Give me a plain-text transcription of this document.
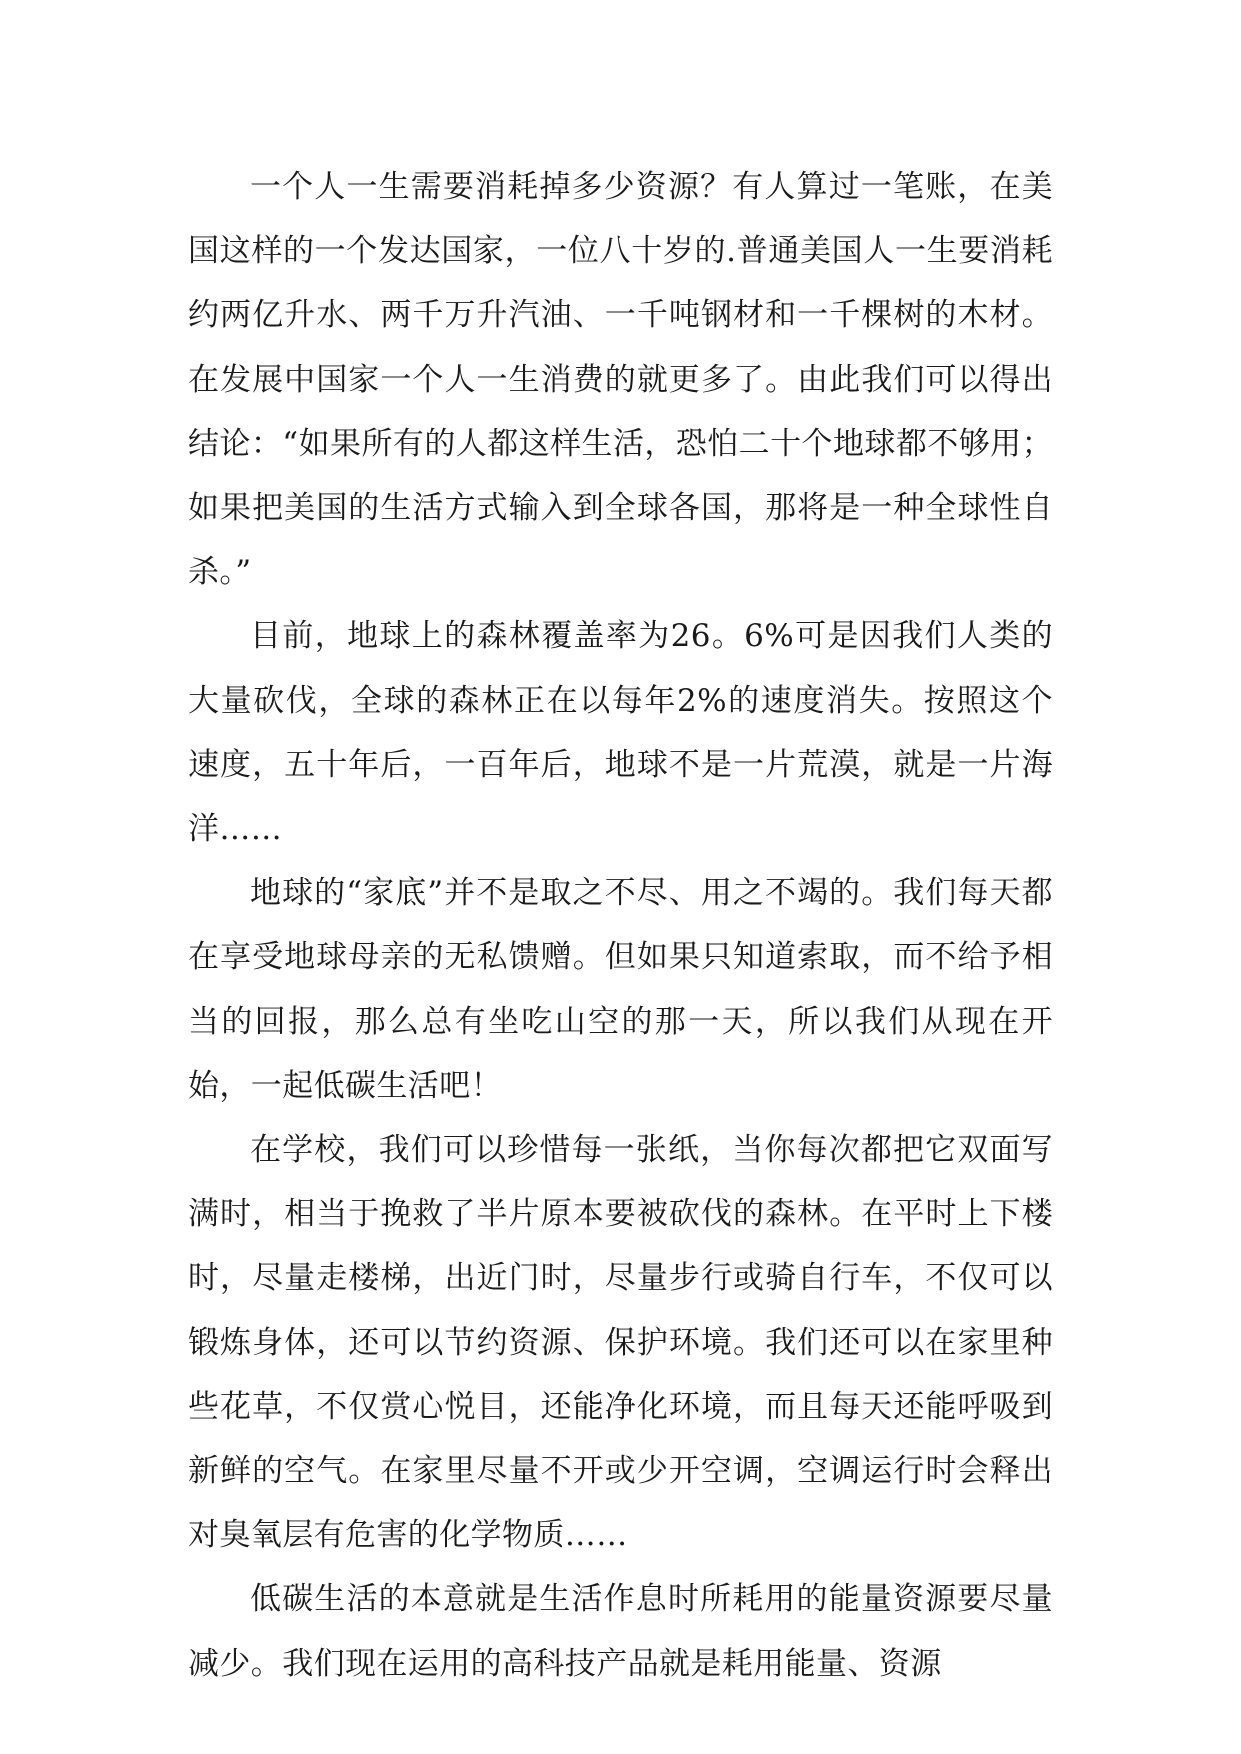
一个人一生需要消耗掉多少资源？有人算过一笔账，在美国这样的一个发达国家，一位八十岁的.普通美国人一生要消耗约两亿升水、两千万升汽油、一千吨钢材和一千棵树的木材。在发展中国家一个人一生消费的就更多了。由此我们可以得出结论：“如果所有的人都这样生活，恐怕二十个地球都不够用；如果把美国的生活方式输入到全球各国，那将是一种全球性自杀。”

目前，地球上的森林覆盖率为26。6%可是因我们人类的大量砍伐，全球的森林正在以每年2%的速度消失。按照这个速度，五十年后，一百年后，地球不是一片荒漠，就是一片海洋……

地球的“家底”并不是取之不尽、用之不竭的。我们每天都在享受地球母亲的无私馈赠。但如果只知道索取，而不给予相当的回报，那么总有坐吃山空的那一天，所以我们从现在开始，一起低碳生活吧！

在学校，我们可以珍惜每一张纸，当你每次都把它双面写满时，相当于挽救了半片原本要被砍伐的森林。在平时上下楼时，尽量走楼梯，出近门时，尽量步行或骑自行车，不仅可以锻炼身体，还可以节约资源、保护环境。我们还可以在家里种些花草，不仅赏心悦目，还能净化环境，而且每天还能呼吸到新鲜的空气。在家里尽量不开或少开空调，空调运行时会释出对臭氧层有危害的化学物质……

低碳生活的本意就是生活作息时所耗用的能量资源要尽量减少。我们现在运用的高科技产品就是耗用能量、资源
